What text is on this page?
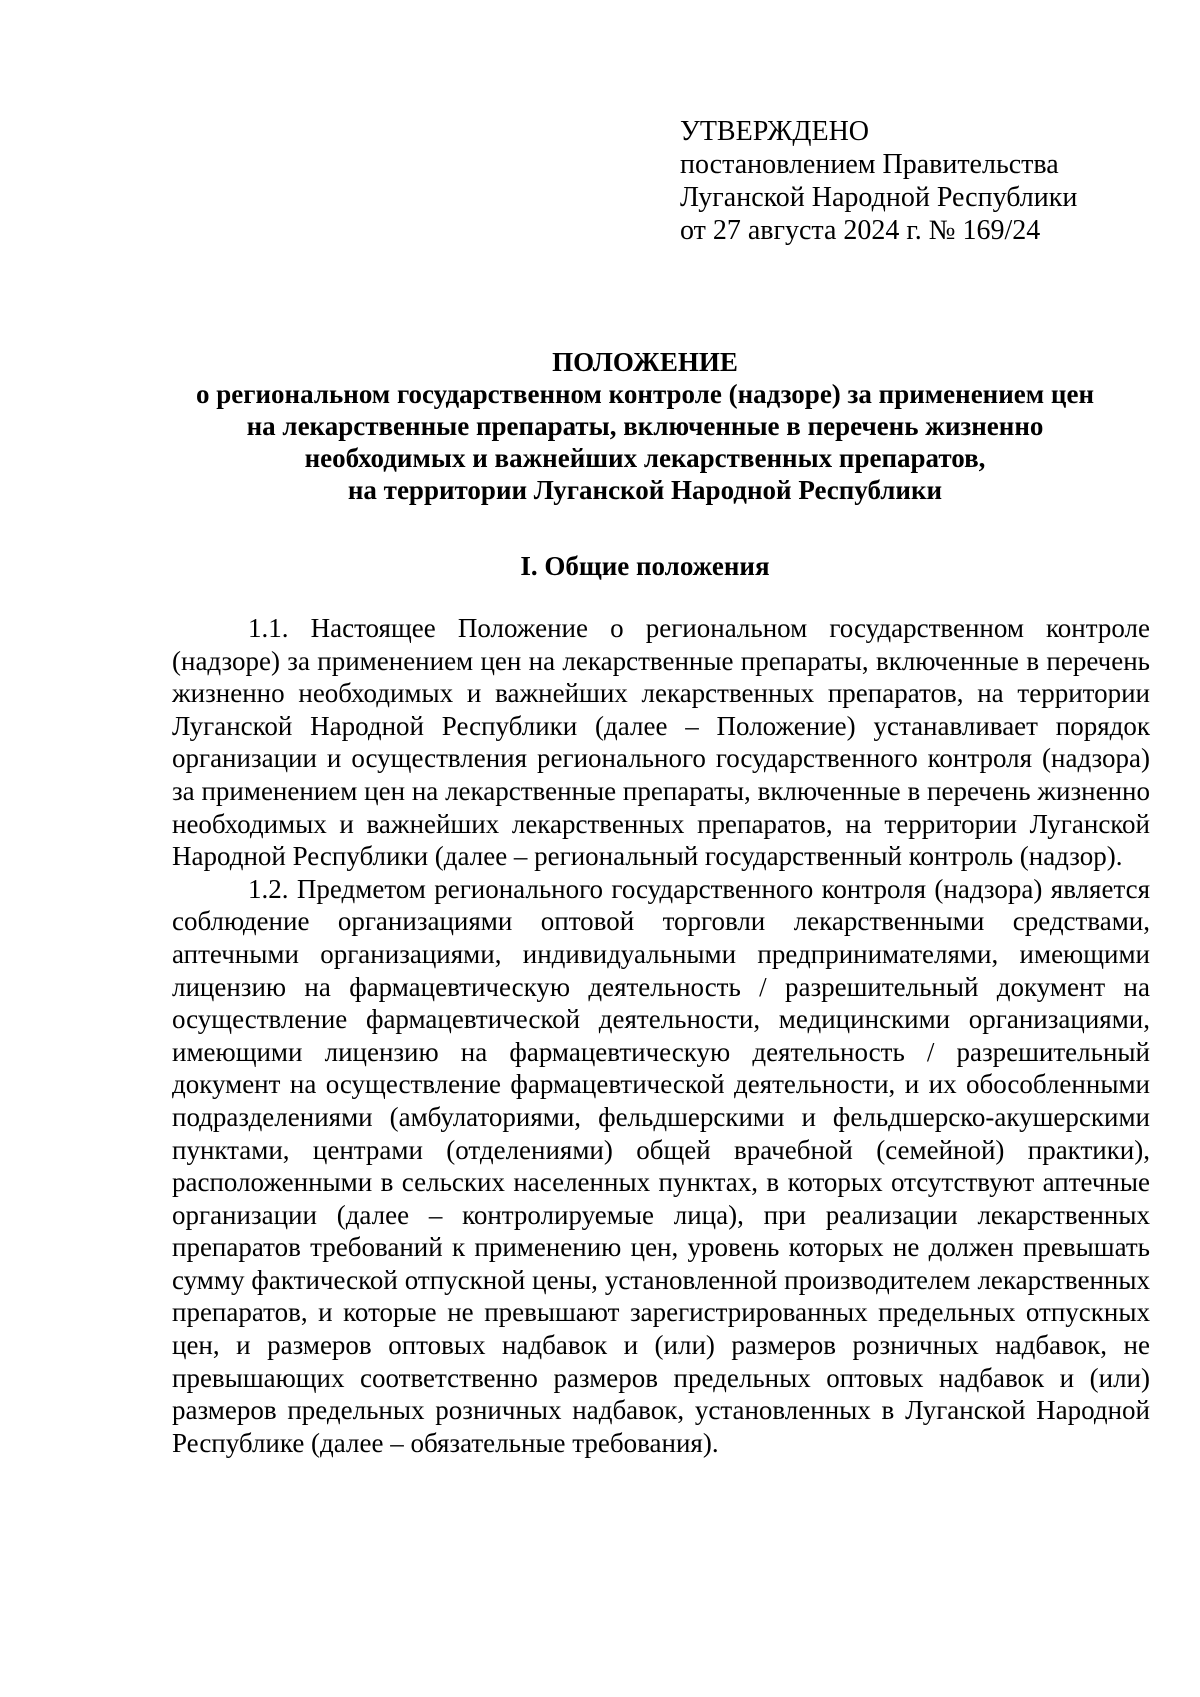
УТВЕРЖДЕНО
постановлением Правительства
Луганской Народной Республики
от 27 августа 2024 г. № 169/24
ПОЛОЖЕНИЕ
о региональном государственном контроле (надзоре) за применением цен
на лекарственные препараты, включенные в перечень жизненно
необходимых и важнейших лекарственных препаратов,
на территории Луганской Народной Республики
I. Общие положения

1.1. Настоящее Положение о региональном государственном контроле (надзоре) за применением цен на лекарственные препараты, включенные в перечень жизненно необходимых и важнейших лекарственных препаратов, на территории Луганской Народной Республики (далее – Положение) устанавливает порядок организации и осуществления регионального государственного контроля (надзора) за применением цен на лекарственные препараты, включенные в перечень жизненно необходимых и важнейших лекарственных препаратов, на территории Луганской Народной Республики (далее – региональный государственный контроль (надзор).

1.2. Предметом регионального государственного контроля (надзора) является соблюдение организациями оптовой торговли лекарственными средствами, аптечными организациями, индивидуальными предпринимателями, имеющими лицензию на фармацевтическую деятельность / разрешительный документ на осуществление фармацевтической деятельности, медицинскими организациями, имеющими лицензию на фармацевтическую деятельность / разрешительный документ на осуществление фармацевтической деятельности, и их обособленными подразделениями (амбулаториями, фельдшерскими и фельдшерско-акушерскими пунктами, центрами (отделениями) общей врачебной (семейной) практики), расположенными в сельских населенных пунктах, в которых отсутствуют аптечные организации (далее – контролируемые лица), при реализации лекарственных препаратов требований к применению цен, уровень которых не должен превышать сумму фактической отпускной цены, установленной производителем лекарственных препаратов, и которые не превышают зарегистрированных предельных отпускных цен, и размеров оптовых надбавок и (или) размеров розничных надбавок, не превышающих соответственно размеров предельных оптовых надбавок и (или) размеров предельных розничных надбавок, установленных в Луганской Народной Республике (далее – обязательные требования).
